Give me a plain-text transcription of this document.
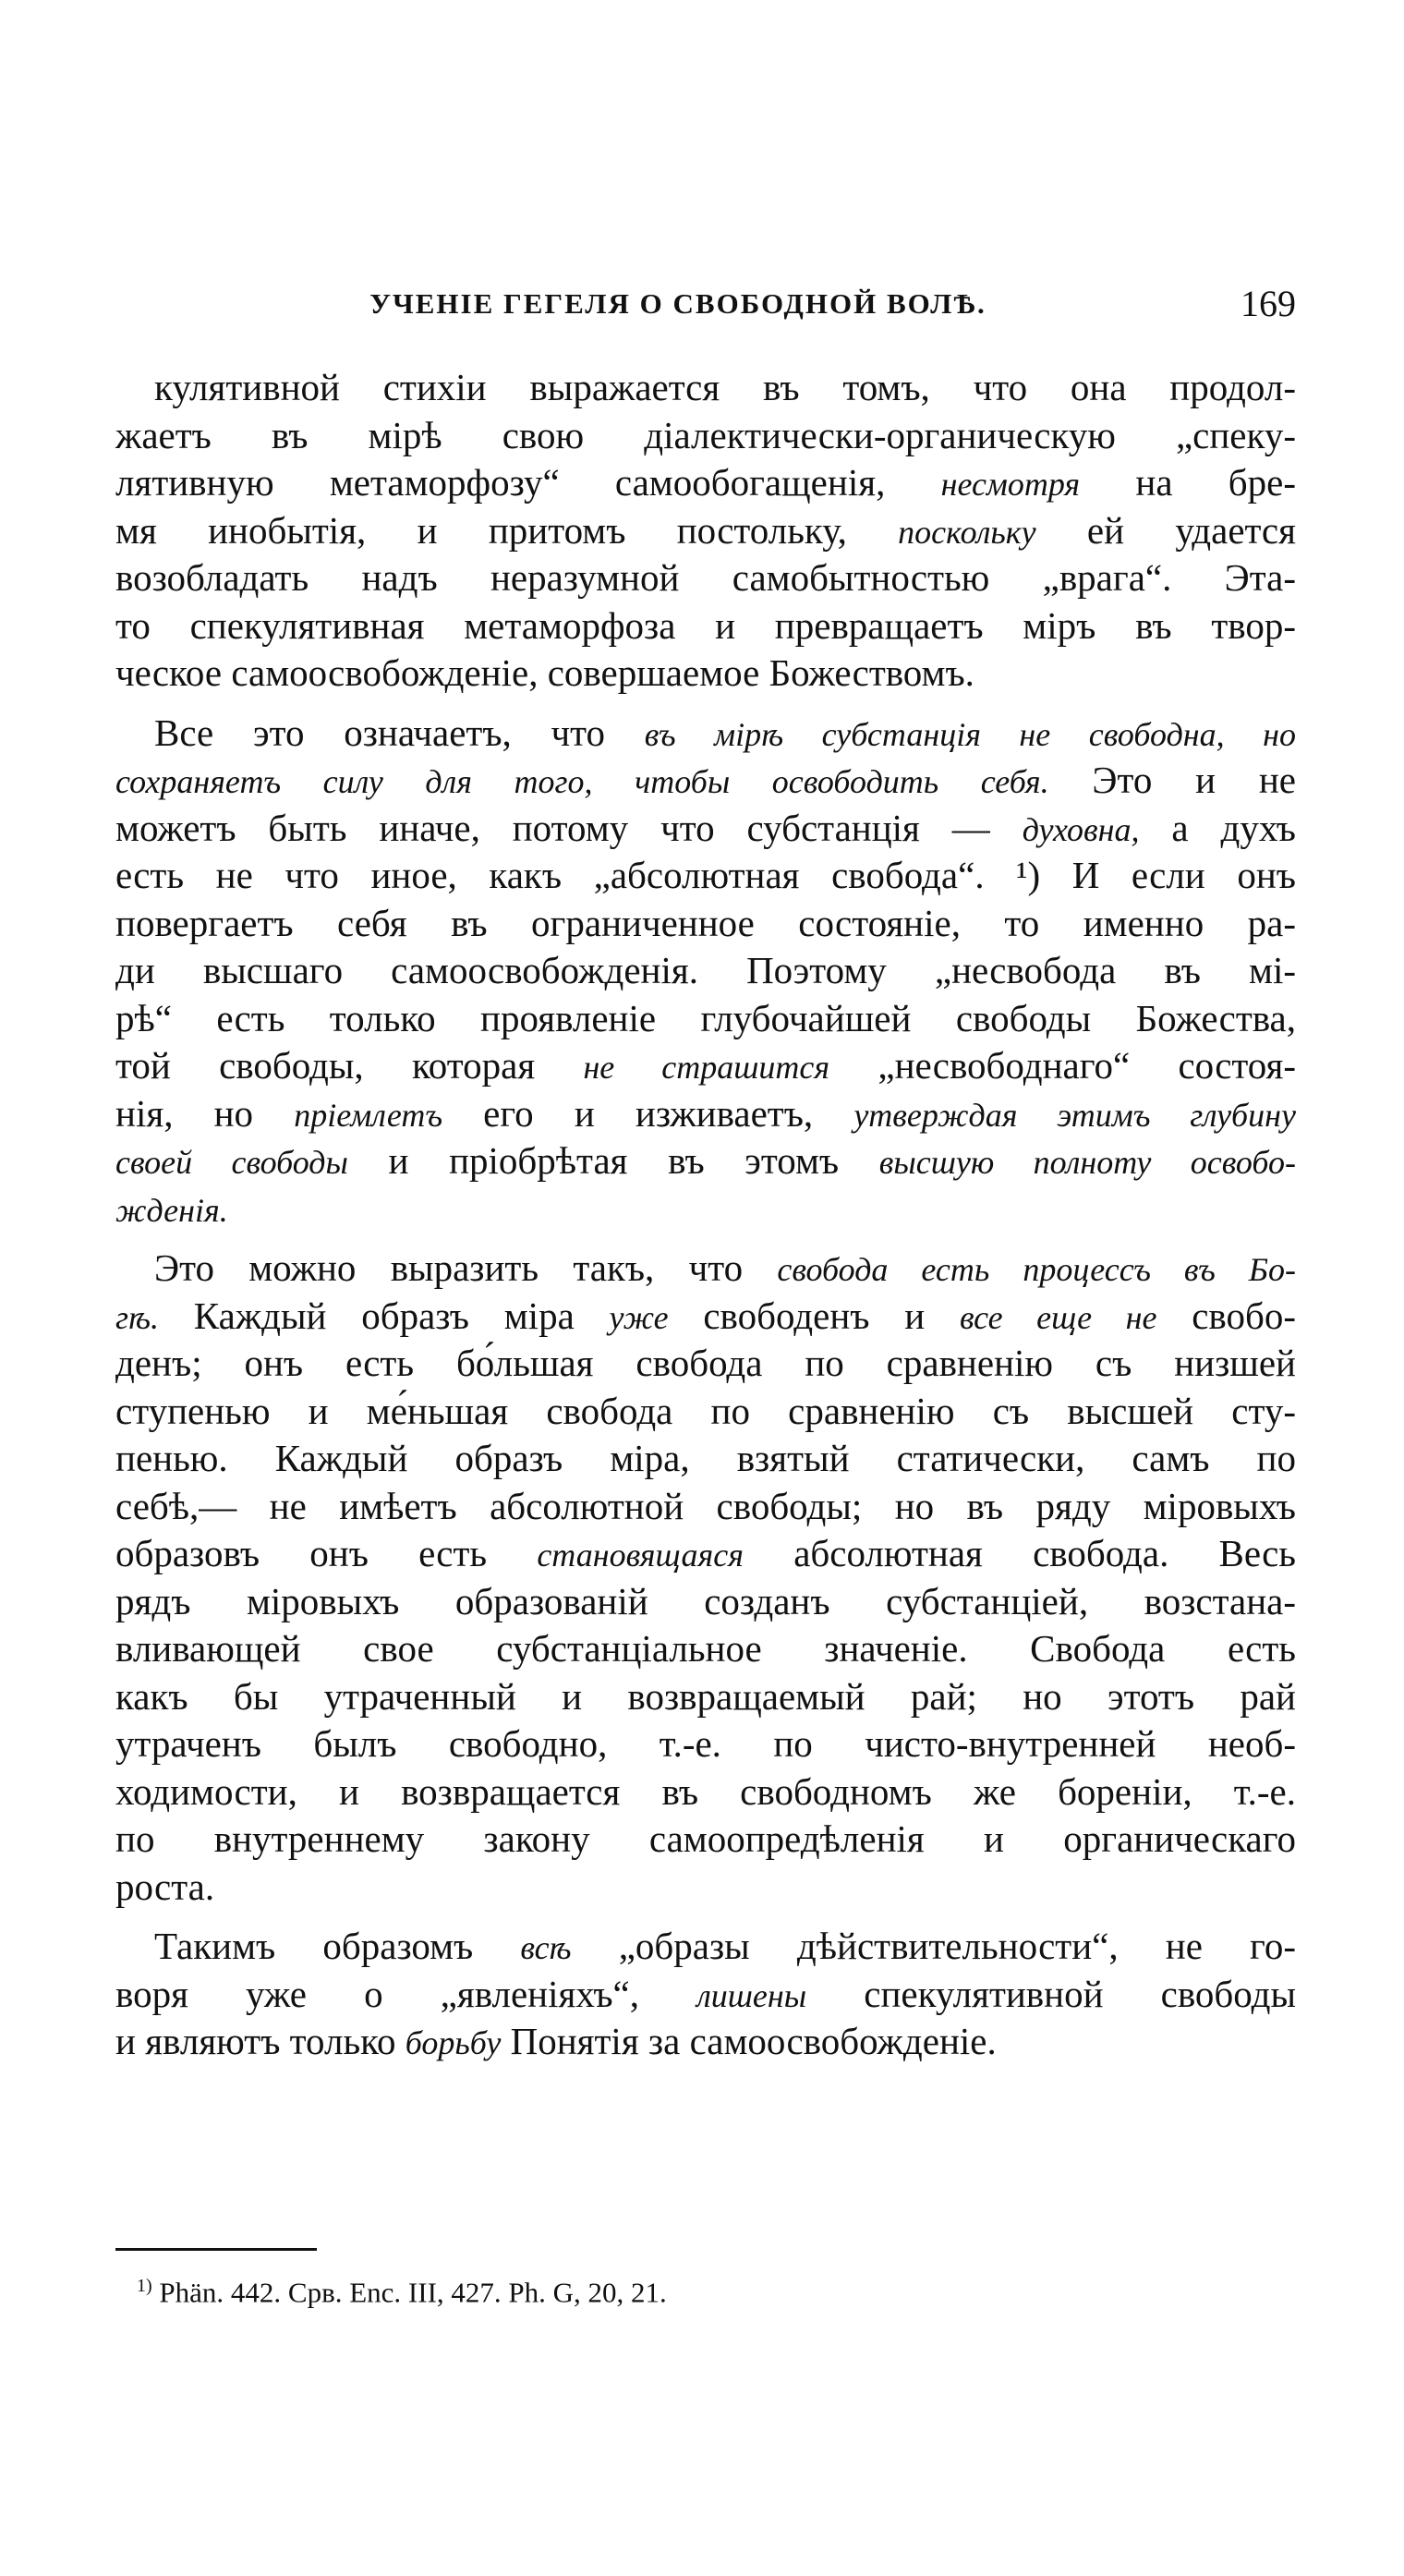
УЧЕНІЕ ГЕГЕЛЯ О СВОБОДНОЙ ВОЛѢ.	169
кулятивной стихіи выражается въ томъ, что она продол-
жаетъ въ мірѣ свою діалектически-органическую „спеку-
лятивную метаморфозу“ самообогащенія, несмотря на бре-
мя инобытія, и притомъ постольку, поскольку ей удается
возобладать надъ неразумной самобытностью „врага“. Эта-
то спекулятивная метаморфоза и превращаетъ міръ въ твор-
ческое самоосвобожденіе, совершаемое Божествомъ.
Все это означаетъ, что въ мірѣ субстанція не свободна, но
сохраняетъ силу для того, чтобы освободить себя. Это и не
можетъ быть иначе, потому что субстанція — духовна, а духъ
есть не что иное, какъ „абсолютная свобода“. ¹) И если онъ
повергаетъ себя въ ограниченное состояніе, то именно ра-
ди высшаго самоосвобожденія. Поэтому „несвобода въ мі-
рѣ“ есть только проявленіе глубочайшей свободы Божества,
той свободы, которая не страшится „несвободнаго“ состоя-
нія, но пріемлетъ его и изживаетъ, утверждая этимъ глубину
своей свободы и пріобрѣтая въ этомъ высшую полноту освобо-
жденія.
Это можно выразить такъ, что свобода есть процессъ въ Бо-
гѣ. Каждый образъ міра уже свободенъ и все еще не свобо-
денъ; онъ есть бо́льшая свобода по сравненію съ низшей
ступенью и ме́ньшая свобода по сравненію съ высшей сту-
пенью. Каждый образъ міра, взятый статически, самъ по
себѣ,— не имѣетъ абсолютной свободы; но въ ряду міровыхъ
образовъ онъ есть становящаяся абсолютная свобода. Весь
рядъ міровыхъ образованій созданъ субстанціей, возстана-
вливающей свое субстанціальное значеніе. Свобода есть
какъ бы утраченный и возвращаемый рай; но этотъ рай
утраченъ былъ свободно, т.-е. по чисто-внутренней необ-
ходимости, и возвращается въ свободномъ же бореніи, т.-е.
по внутреннему закону самоопредѣленія и органическаго
роста.
Такимъ образомъ всѣ „образы дѣйствительности“, не го-
воря уже о „явленіяхъ“, лишены спекулятивной свободы
и являютъ только борьбу Понятія за самоосвобожденіе.
$^{1)}$ Phän. 442. Срв. Enc. III, 427. Ph. G, 20, 21.
